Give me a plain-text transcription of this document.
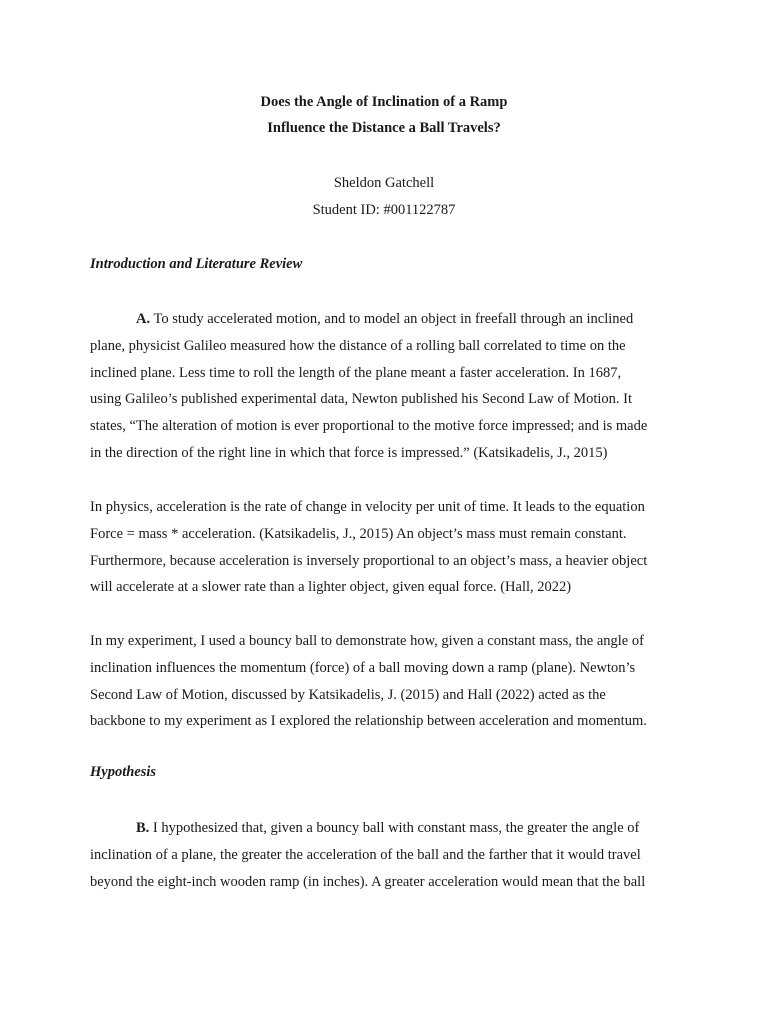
Does the Angle of Inclination of a Ramp

Influence the Distance a Ball Travels?

Sheldon Gatchell

Student ID: #001122787

Introduction and Literature Review

A. To study accelerated motion, and to model an object in freefall through an inclined
plane, physicist Galileo measured how the distance of a rolling ball correlated to time on the
inclined plane. Less time to roll the length of the plane meant a faster acceleration. In 1687,
using Galileo’s published experimental data, Newton published his Second Law of Motion. It
states, “The alteration of motion is ever proportional to the motive force impressed; and is made
in the direction of the right line in which that force is impressed.” (Katsikadelis, J., 2015)
In physics, acceleration is the rate of change in velocity per unit of time. It leads to the equation
Force = mass * acceleration. (Katsikadelis, J., 2015) An object’s mass must remain constant.
Furthermore, because acceleration is inversely proportional to an object’s mass, a heavier object
will accelerate at a slower rate than a lighter object, given equal force. (Hall, 2022)
In my experiment, I used a bouncy ball to demonstrate how, given a constant mass, the angle of
inclination influences the momentum (force) of a ball moving down a ramp (plane). Newton’s
Second Law of Motion, discussed by Katsikadelis, J. (2015) and Hall (2022) acted as the
backbone to my experiment as I explored the relationship between acceleration and momentum.

Hypothesis

B. I hypothesized that, given a bouncy ball with constant mass, the greater the angle of
inclination of a plane, the greater the acceleration of the ball and the farther that it would travel
beyond the eight-inch wooden ramp (in inches). A greater acceleration would mean that the ball
